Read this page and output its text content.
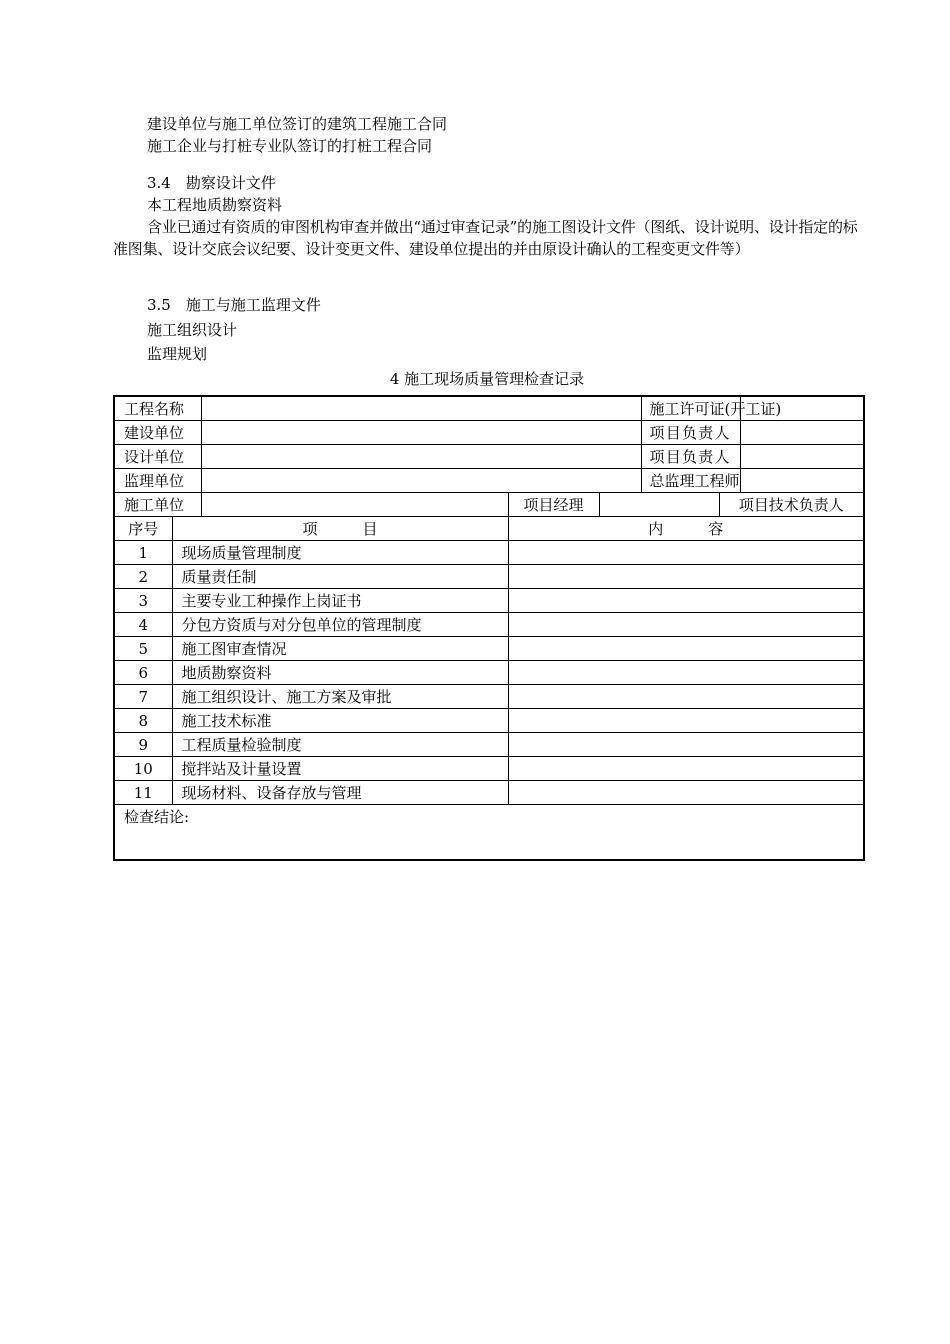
建设单位与施工单位签订的建筑工程施工合同
施工企业与打桩专业队签订的打桩工程合同
3.4　勘察设计文件
本工程地质勘察资料
含业已通过有资质的审图机构审查并做出“通过审查记录”的施工图设计文件（图纸、设计说明、设计指定的标准图集、设计交底会议纪要、设计变更文件、建设单位提出的并由原设计确认的工程变更文件等）
3.5　施工与施工监理文件
施工组织设计
监理规划
4 施工现场质量管理检查记录
工程名称					施工许可证(开工证)		
建设单位					项目负责人		
设计单位					项目负责人		
监理单位					总监理工程师		
施工单位			项目经理			项目技术负责人	
序号	项　　　目		内　　　容				
1	现场质量管理制度						
2	质量责任制						
3	主要专业工种操作上岗证书						
4	分包方资质与对分包单位的管理制度						
5	施工图审查情况						
6	地质勘察资料						
7	施工组织设计、施工方案及审批						
8	施工技术标准						
9	工程质量检验制度						
10	搅拌站及计量设置						
11	现场材料、设备存放与管理						
检查结论:							
